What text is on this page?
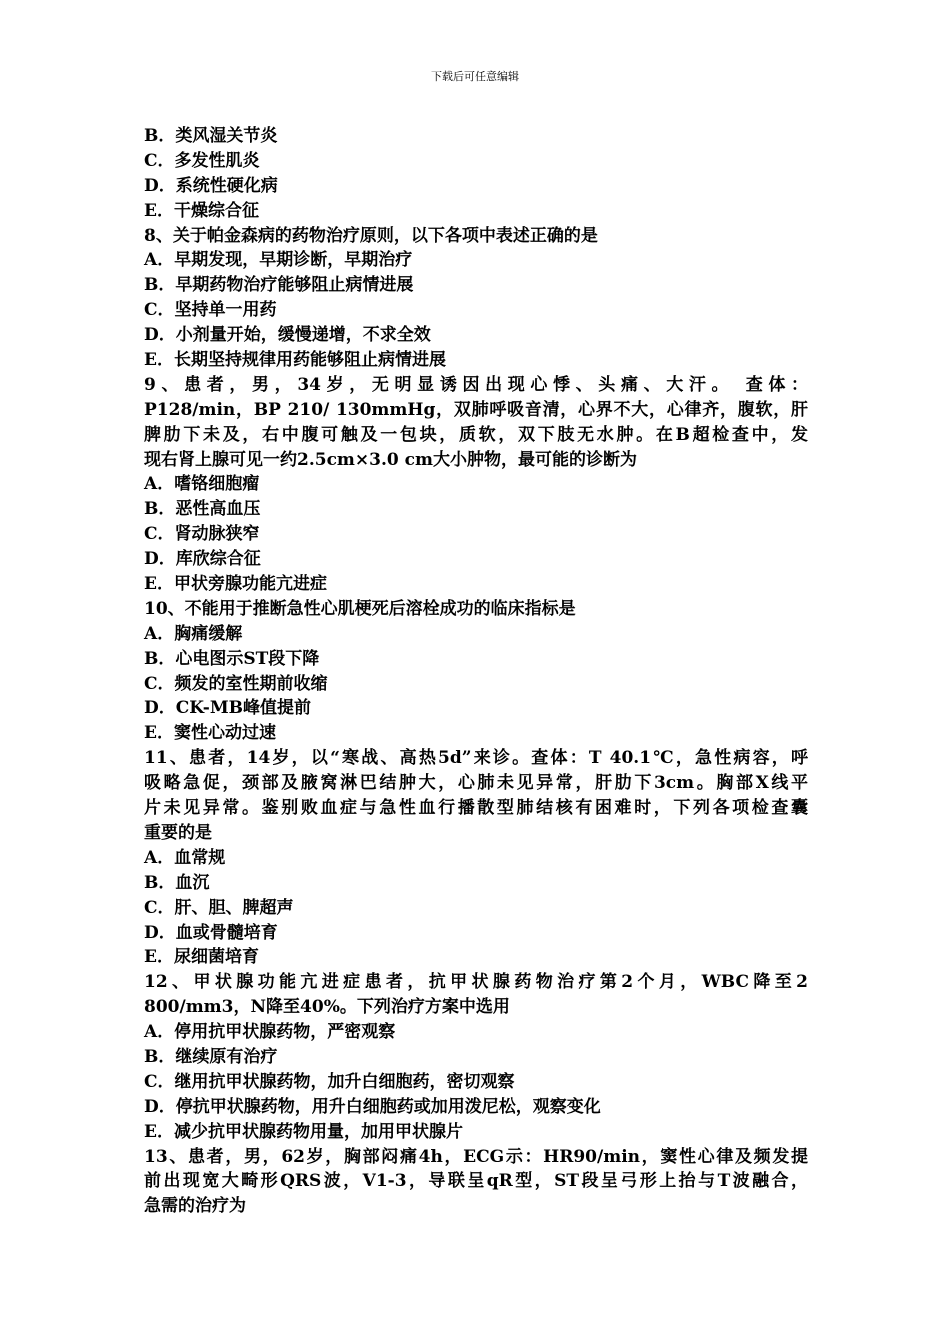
下载后可任意编辑
B．类风湿关节炎
C．多发性肌炎
D．系统性硬化病
E．干燥综合征
8、关于帕金森病的药物治疗原则，以下各项中表述正确的是
A．早期发现，早期诊断，早期治疗
B．早期药物治疗能够阻止病情进展
C．坚持单一用药
D．小剂量开始，缓慢递增，不求全效
E．长期坚持规律用药能够阻止病情进展
9、患者，男，34岁，无明显诱因出现心悸、头痛、大汗。 查体：
P128/min，BP 210/ 130mmHg，双肺呼吸音清，心界不大，心律齐，腹软，肝
脾肋下未及，右中腹可触及一包块，质软，双下肢无水肿。在B超检查中，发
现右肾上腺可见一约2.5cm×3.0 cm大小肿物，最可能的诊断为
A．嗜铬细胞瘤
B．恶性高血压
C．肾动脉狭窄
D．库欣综合征
E．甲状旁腺功能亢进症
10、不能用于推断急性心肌梗死后溶栓成功的临床指标是
A．胸痛缓解
B．心电图示ST段下降
C．频发的室性期前收缩
D．CK-MB峰值提前
E．窦性心动过速
11、患者，14岁，以“寒战、高热5d”来诊。查体：T 40.1℃，急性病容，呼
吸略急促，颈部及腋窝淋巴结肿大，心肺未见异常，肝肋下3cm。胸部X线平
片未见异常。鉴别败血症与急性血行播散型肺结核有困难时，下列各项检查囊
重要的是
A．血常规
B．血沉
C．肝、胆、脾超声
D．血或骨髓培育
E．尿细菌培育
12、甲状腺功能亢进症患者，抗甲状腺药物治疗第2个月，WBC降至2
800/mm3，N降至40%。下列治疗方案中选用
A．停用抗甲状腺药物，严密观察
B．继续原有治疗
C．继用抗甲状腺药物，加升白细胞药，密切观察
D．停抗甲状腺药物，用升白细胞药或加用泼尼松，观察变化
E．减少抗甲状腺药物用量，加用甲状腺片
13、患者，男，62岁，胸部闷痛4h，ECG示：HR90/min，窦性心律及频发提
前出现宽大畸形QRS波，V1-3，导联呈qR型，ST段呈弓形上抬与T波融合，
急需的治疗为
